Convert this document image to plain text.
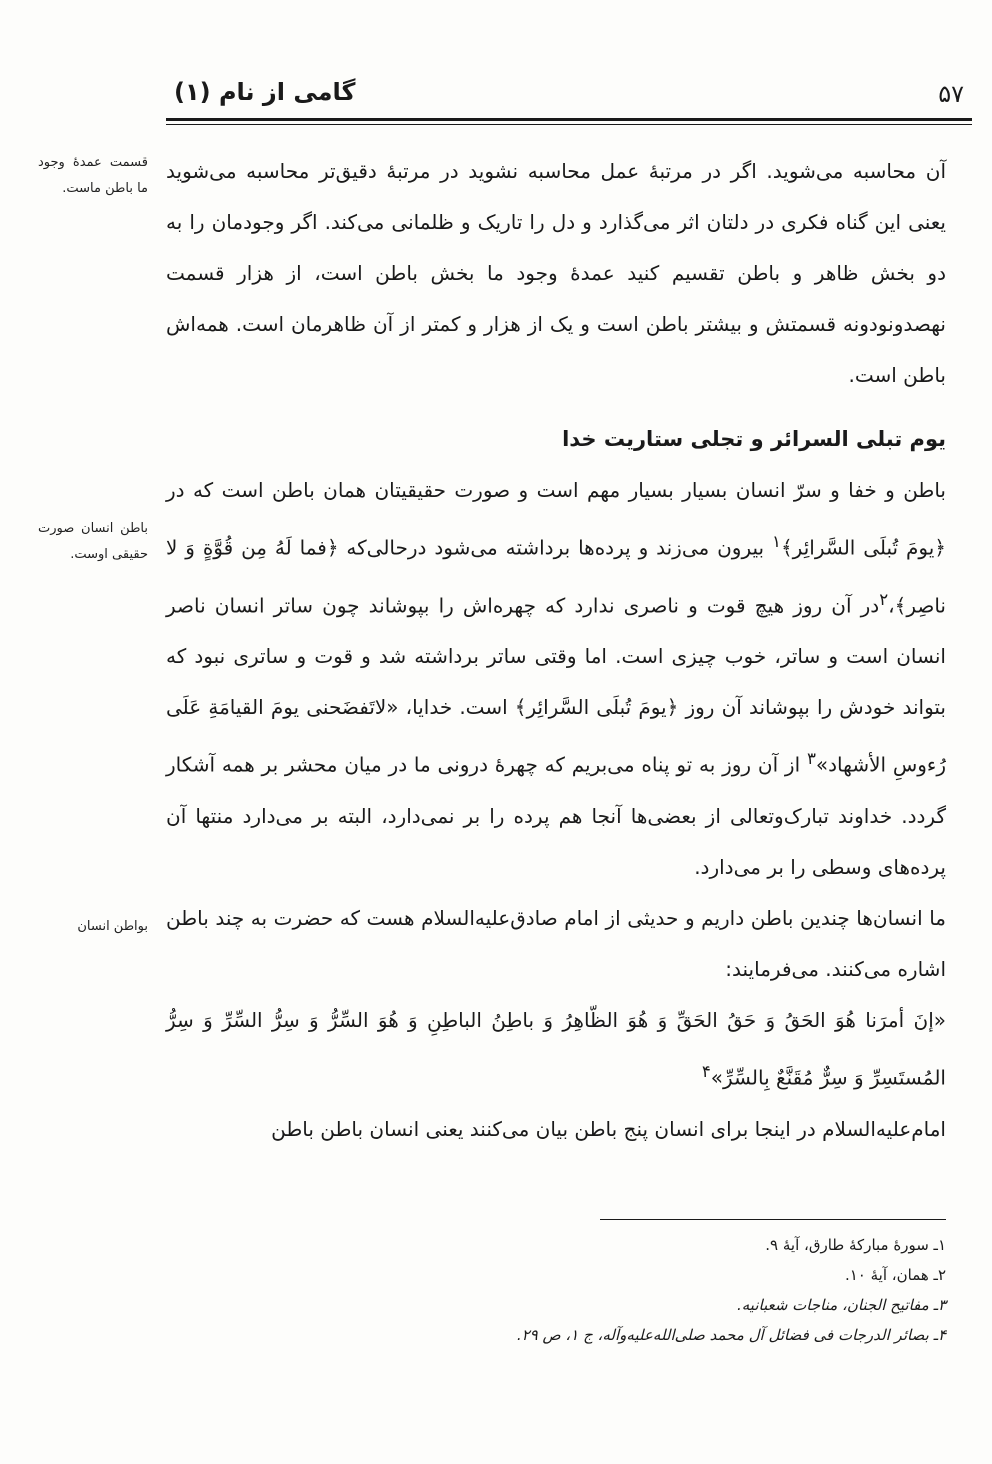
۵۷
گامی از نام (۱)
قسمت عمدۀ وجود ما باطن ماست.
باطن انسان صورت حقیقی اوست.
بواطن انسان

آن محاسبه می‌شوید. اگر در مرتبۀ عمل محاسبه نشوید در مرتبۀ دقیق‌تر محاسبه می‌شوید یعنی این گناه فکری در دلتان اثر می‌گذارد و دل را تاریک و ظلمانی می‌کند. اگر وجودمان را به دو بخش ظاهر و باطن تقسیم کنید عمدۀ وجود ما بخش باطن است، از هزار قسمت نهصدونودونه قسمتش و بیشتر باطن است و یک از هزار و کمتر از آن ظاهرمان است. همه‌اش باطن است.

یوم تبلی السرائر و تجلی ستاریت خدا

باطن و خفا و سرّ انسان بسیار بسیار مهم است و صورت حقیقیتان همان باطن است که در ﴿یومَ تُبلَی السَّرائِر﴾$^۱$ بیرون می‌زند و پرده‌ها برداشته می‌شود درحالی‌که ﴿فما لَهُ مِن قُوَّةٍ وَ لا ناصِر﴾،$^۲$در آن روز هیچ قوت و ناصری ندارد که چهره‌اش را بپوشاند چون ساتر انسان ناصر انسان است و ساتر، خوب چیزی است. اما وقتی ساتر برداشته شد و قوت و ساتری نبود که بتواند خودش را بپوشاند آن روز ﴿یومَ تُبلَی السَّرائِر﴾ است. خدایا، «لاتَفضَحنی یومَ القیامَةِ عَلَی رُءوسِ الأشهاد»$^۳$ از آن روز به تو پناه می‌بریم که چهرۀ درونی ما در میان محشر بر همه آشکار گردد. خداوند تبارک‌وتعالی از بعضی‌ها آنجا هم پرده را بر نمی‌دارد، البته بر می‌دارد منتها آن پرده‌های وسطی را بر می‌دارد.

ما انسان‌ها چندین باطن داریم و حدیثی از امام صادق‌علیه‌السلام هست که حضرت به چند باطن اشاره می‌کنند. می‌فرمایند:

«إنَ أمرَنا هُوَ الحَقُ وَ حَقُ الحَقِّ وَ هُوَ الظّاهِرُ وَ باطِنُ الباطِنِ وَ هُوَ السِّرُّ وَ سِرُّ السِّرِّ وَ سِرُّ المُستَسِرِّ وَ سِرٌّ مُقَنَّعٌ بِالسِّرِّ»$^۴$

امام‌علیه‌السلام در اینجا برای انسان پنج باطن بیان می‌کنند یعنی انسان باطن باطن

۱ـ سورۀ مبارکۀ طارق، آیۀ ۹.
۲ـ همان، آیۀ ۱۰.
۳ـ مفاتیح الجنان، مناجات شعبانیه.
۴ـ بصائر الدرجات فی فضائل آل محمد صلی‌الله‌علیه‌وآله، ج ۱، ص ۲۹.
